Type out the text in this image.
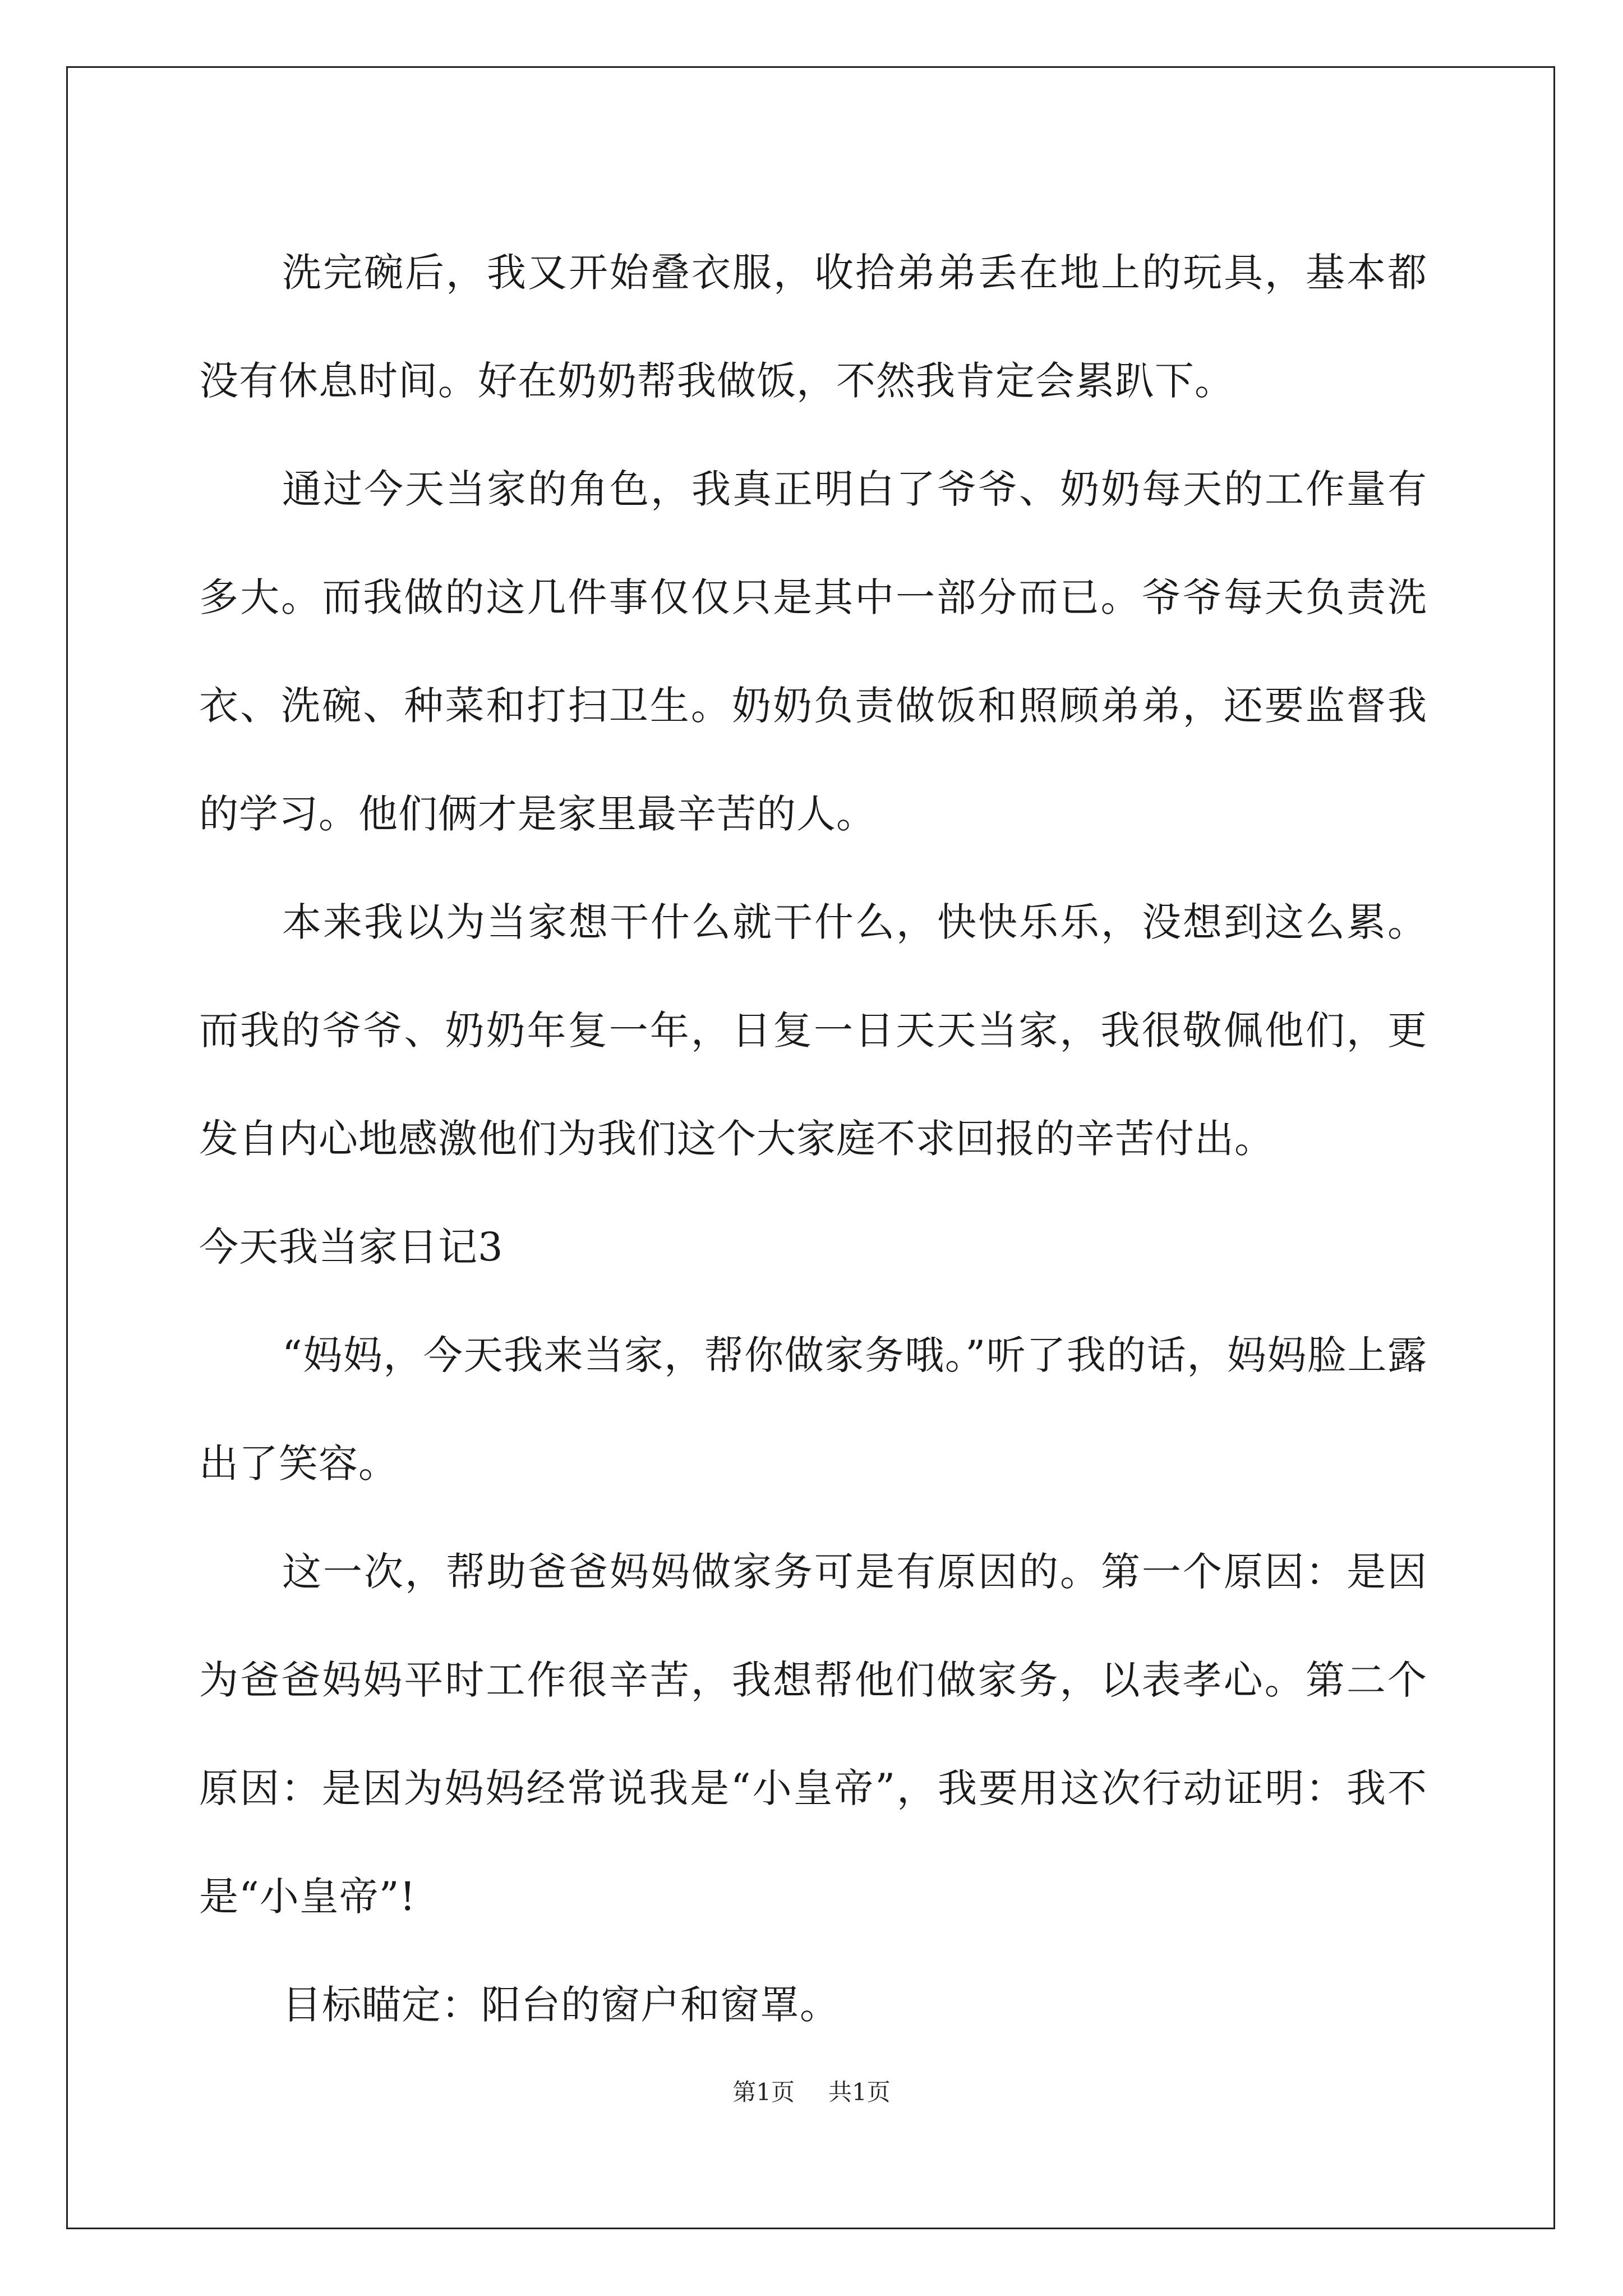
洗完碗后，我又开始叠衣服，收拾弟弟丢在地上的玩具，基本都没有休息时间。好在奶奶帮我做饭，不然我肯定会累趴下。

通过今天当家的角色，我真正明白了爷爷、奶奶每天的工作量有多大。而我做的这几件事仅仅只是其中一部分而已。爷爷每天负责洗衣、洗碗、种菜和打扫卫生。奶奶负责做饭和照顾弟弟，还要监督我的学习。他们俩才是家里最辛苦的人。

本来我以为当家想干什么就干什么，快快乐乐，没想到这么累。而我的爷爷、奶奶年复一年，日复一日天天当家，我很敬佩他们，更发自内心地感激他们为我们这个大家庭不求回报的辛苦付出。

今天我当家日记3

“妈妈，今天我来当家，帮你做家务哦。”听了我的话，妈妈脸上露出了笑容。

这一次，帮助爸爸妈妈做家务可是有原因的。第一个原因：是因为爸爸妈妈平时工作很辛苦，我想帮他们做家务，以表孝心。第二个原因：是因为妈妈经常说我是“小皇帝”，我要用这次行动证明：我不是“小皇帝”!

目标瞄定：阳台的窗户和窗罩。

第1页 共1页
